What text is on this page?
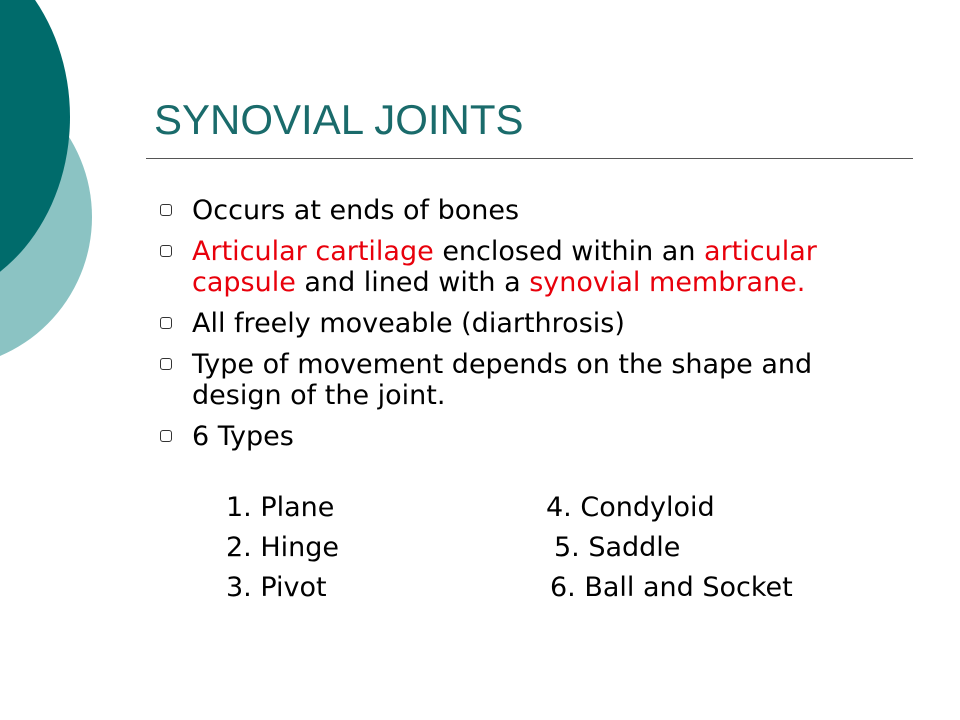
SYNOVIAL JOINTS
Occurs at ends of bones
Articular cartilage enclosed within an articular capsule and lined with a synovial membrane.
All freely moveable (diarthrosis)
Type of movement depends on the shape and design of the joint.
6 Types
1. Plane	4. Condyloid
2. Hinge	5. Saddle
3. Pivot	6. Ball and Socket
